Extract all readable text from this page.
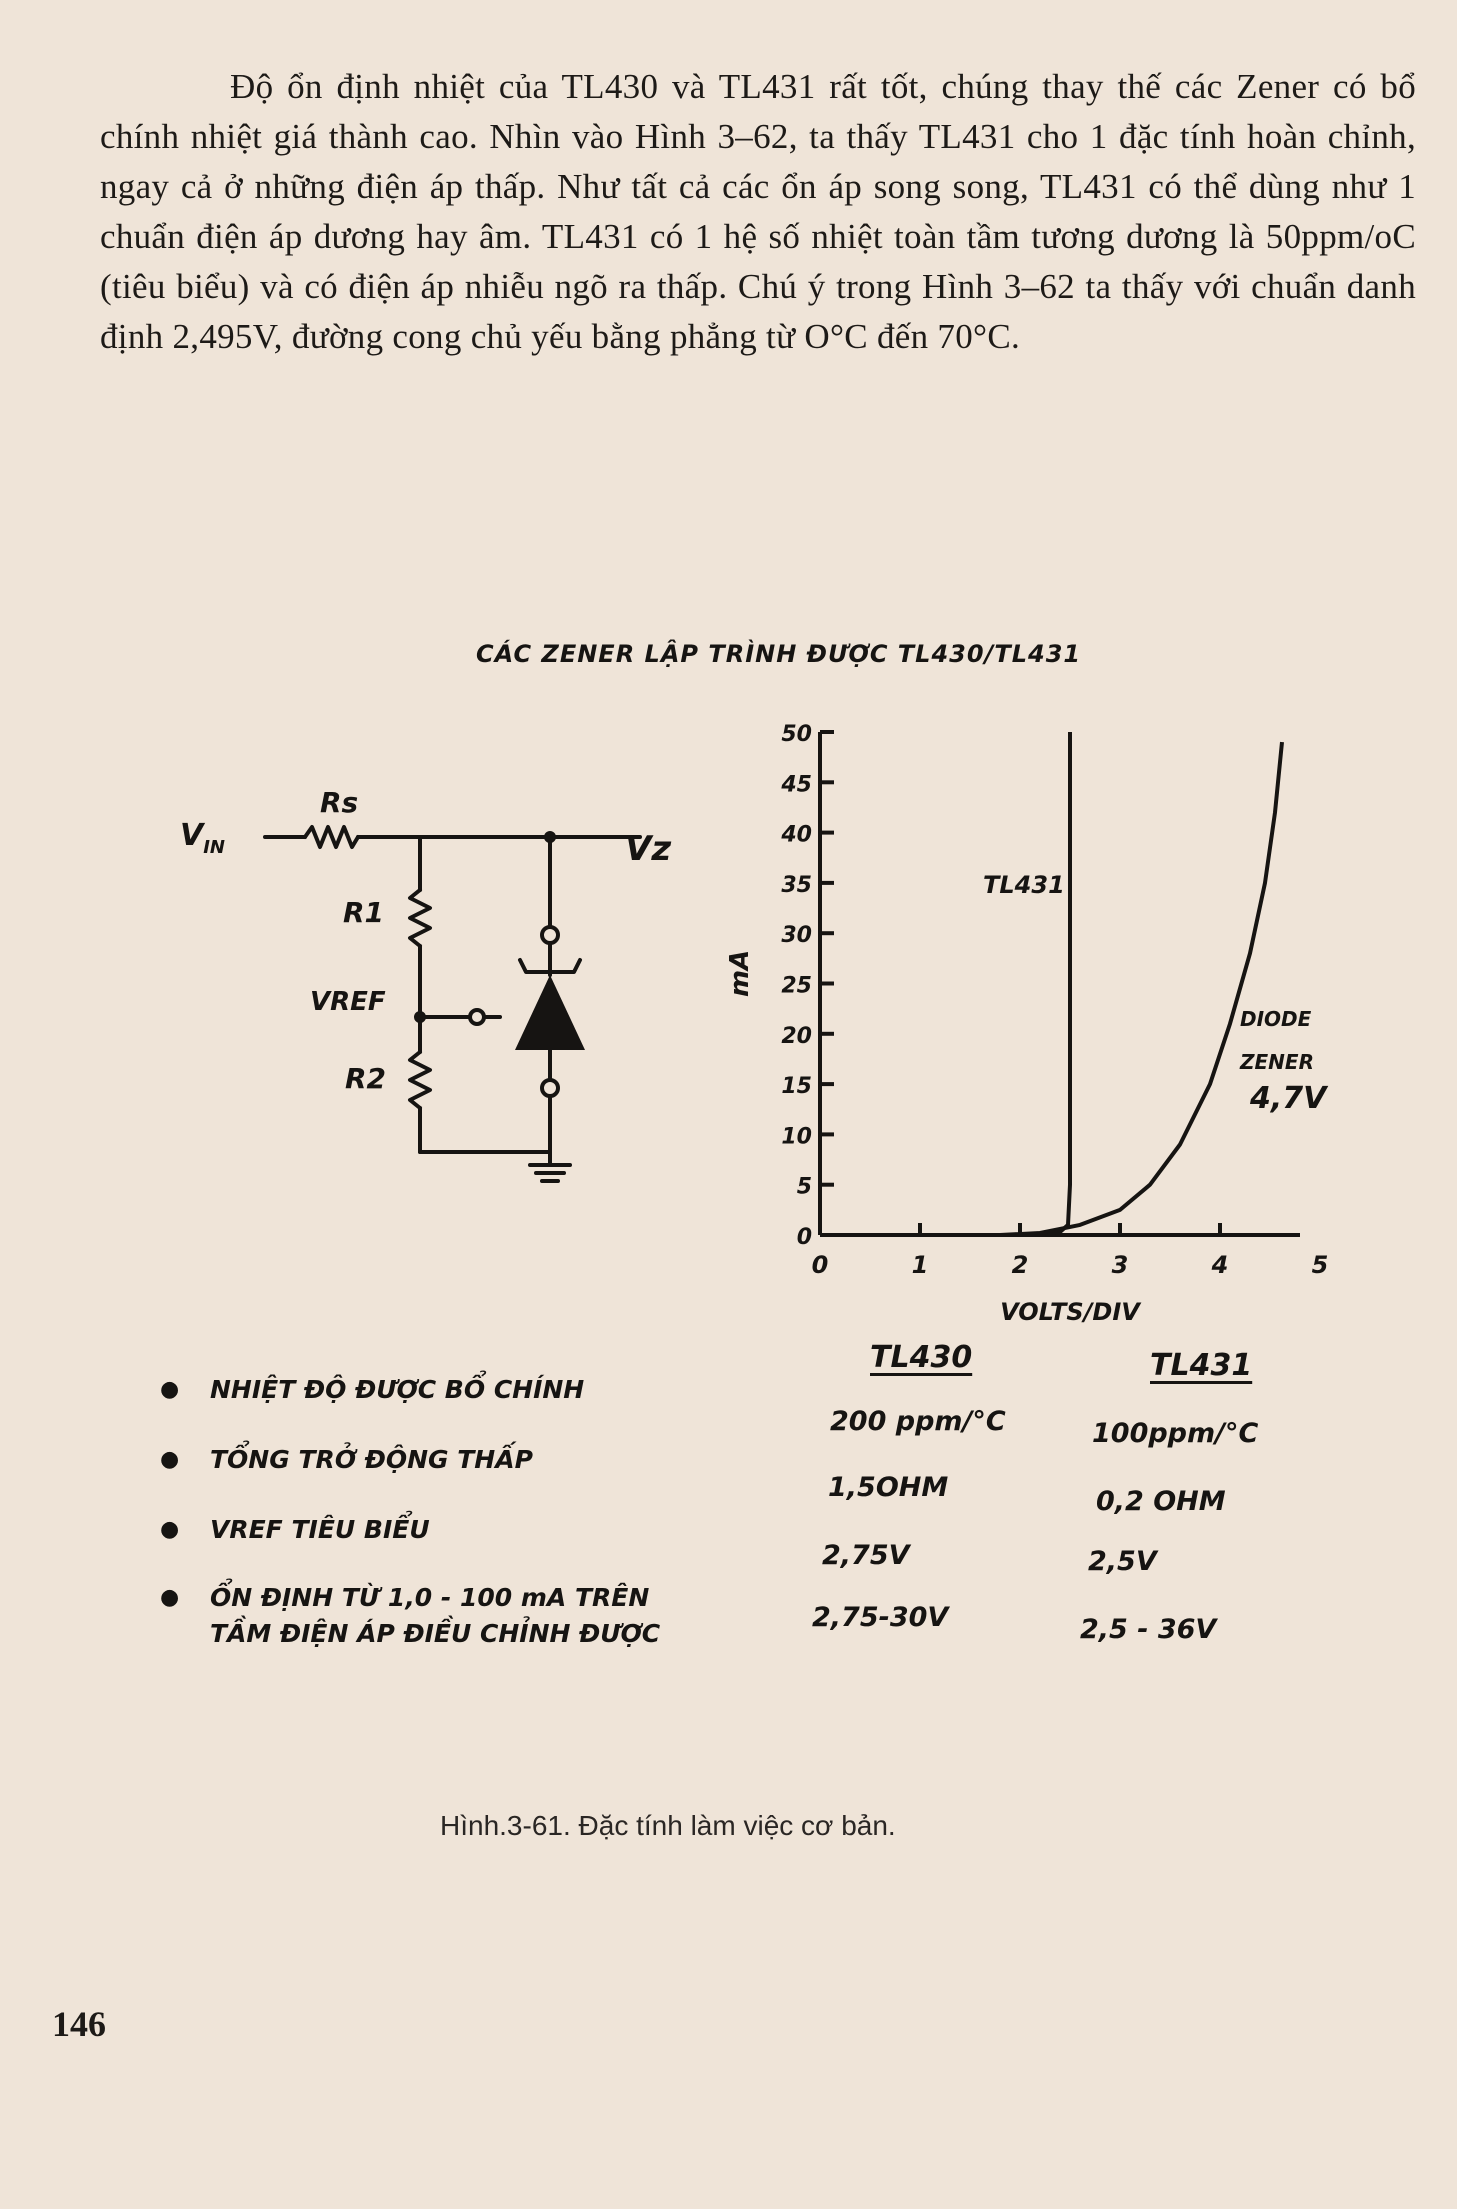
Độ ổn định nhiệt của TL430 và TL431 rất tốt, chúng thay thế các Zener có bổ chính nhiệt giá thành cao. Nhìn vào Hình 3–62, ta thấy TL431 cho 1 đặc tính hoàn chỉnh, ngay cả ở những điện áp thấp. Như tất cả các ổn áp song song, TL431 có thể dùng như 1 chuẩn điện áp dương hay âm. TL431 có 1 hệ số nhiệt toàn tầm tương dương là 50ppm/oC (tiêu biểu) và có điện áp nhiễu ngõ ra thấp. Chú ý trong Hình 3–62 ta thấy với chuẩn danh định 2,495V, đường cong chủ yếu bằng phẳng từ O°C đến 70°C.

CÁC ZENER LẬP TRÌNH ĐƯỢC TL430/TL431
$V_{IN}$
Rs
Vz
R1
VREF
R2
0
5
10
15
20
25
30
35
40
45
50
0	1	2	3	4	5
VOLTS/DIV
mA
TL431
DIODE
ZENER
4,7V
●	NHIỆT ĐỘ ĐƯỢC BỔ CHÍNH
●	TỔNG TRỞ ĐỘNG THẤP
●	VREF TIÊU BIỂU
●	ỔN ĐỊNH TỪ 1,0 - 100 mA TRÊN
TẦM ĐIỆN ÁP ĐIỀU CHỈNH ĐƯỢC
TL430	TL431
200 ppm/°C	100ppm/°C
1,5OHM	0,2 OHM
2,75V	2,5V
2,75-30V	2,5 - 36V
Hình.3-61. Đặc tính làm việc cơ bản.
146
